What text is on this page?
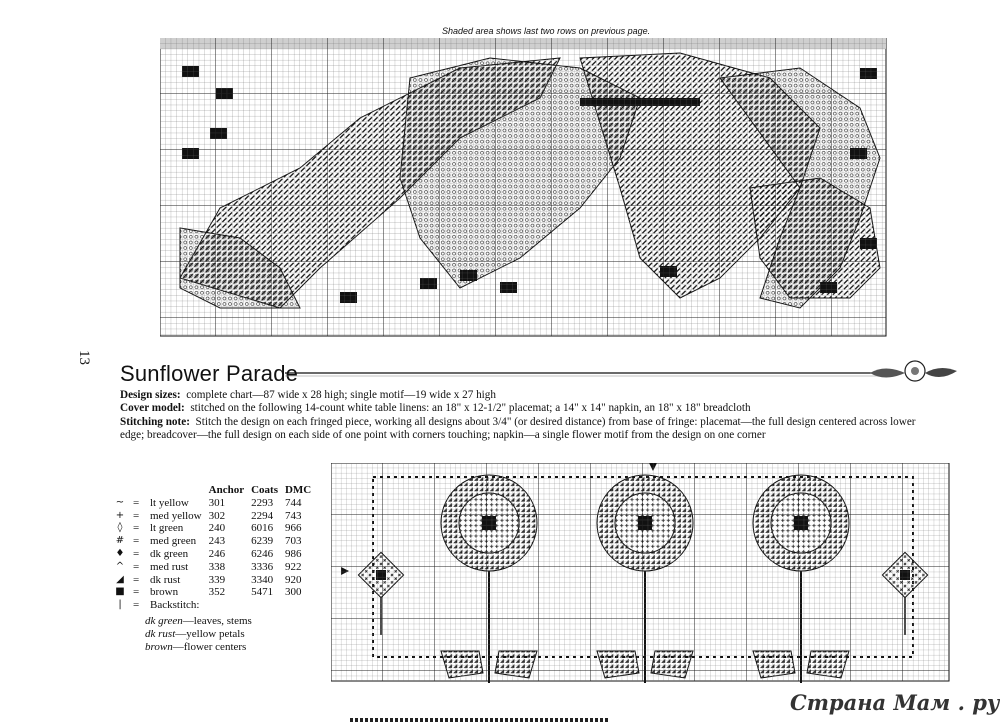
Shaded area shows last two rows on previous page.
13
Sunflower Parade

Design sizes: complete chart—87 wide x 28 high; single motif—19 wide x 27 high

Cover model: stitched on the following 14-count white table linens: an 18" x 12-1/2" placemat; a 14" x 14" napkin, an 18" x 18" breadcloth

Stitching note: Stitch the design on each fringed piece, working all designs about 3/4" (or desired distance) from base of fringe: placemat—the full design centered across lower edge; breadcover—the full design on each side of one point with corners touching; napkin—a single flower motif from the design on one corner

			Anchor	Coats	DMC
~	=	lt yellow	301	2293	744
+	=	med yellow	302	2294	743
◊	=	lt green	240	6016	966
#	=	med green	243	6239	703
♦	=	dk green	246	6246	986
^	=	med rust	338	3336	922
◢	=	dk rust	339	3340	920
■	=	brown	352	5471	300
|	=	Backstitch:			
dk green—leaves, stems
dk rust—yellow petals
brown—flower centers
Страна Мам . ру
